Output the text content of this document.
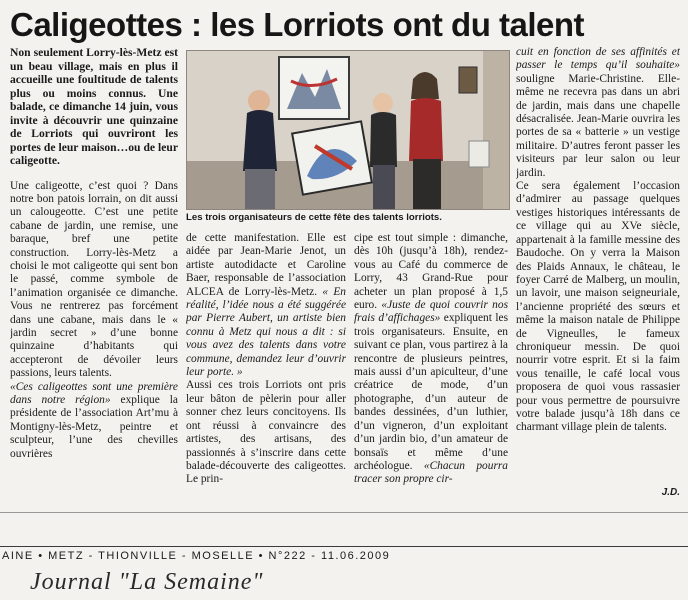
Caligeottes : les Lorriots ont du talent

Non seulement Lorry-lès-Metz est un beau village, mais en plus il accueille une foultitude de talents plus ou moins connus. Une balade, ce dimanche 14 juin, vous invite à découvrir une quinzaine de Lorriots qui ouvriront les portes de leur maison…ou de leur caligeotte.

Une caligeotte, c’est quoi ? Dans notre bon patois lorrain, on dit aussi un calougeotte. C’est une petite cabane de jardin, une remise, une baraque, bref une petite construction. Lorry-lès-Metz a choisi le mot caligeotte qui sent bon le passé, comme symbole de l’animation organisée ce dimanche. Vous ne rentrerez pas forcément dans une cabane, mais dans le « jardin secret » d’une bonne quinzaine d’habitants qui accepteront de dévoiler leurs passions, leurs talents.

«Ces caligeottes sont une première dans notre région» explique la présidente de l’association Art’mu à Montigny-lès-Metz, peintre et sculpteur, l’une des chevilles ouvrières

Les trois organisateurs de cette fête des talents lorriots.

de cette manifestation. Elle est aidée par Jean-Marie Jenot, un artiste autodidacte et Caroline Baer, responsable de l’association ALCEA de Lorry-lès-Metz. « En réalité, l’idée nous a été suggérée par Pierre Aubert, un artiste bien connu à Metz qui nous a dit : si vous avez des talents dans votre commune, demandez leur d’ouvrir leur porte. »

Aussi ces trois Lorriots ont pris leur bâton de pèlerin pour aller sonner chez leurs concitoyens. Ils ont réussi à convaincre des artistes, des artisans, des passionnés à s’inscrire dans cette balade-découverte des caligeottes. Le prin-

cipe est tout simple : dimanche, dès 10h (jusqu’à 18h), rendez-vous au Café du commerce de Lorry, 43 Grand-Rue pour acheter un plan proposé à 1,5 euro. «Juste de quoi couvrir nos frais d’affichages» expliquent les trois organisateurs. Ensuite, en suivant ce plan, vous partirez à la rencontre de plusieurs peintres, mais aussi d’un apiculteur, d’une créatrice de mode, d’un photographe, d’un auteur de bandes dessinées, d’un luthier, d’un vigneron, d’un exploitant d’un jardin bio, d’un amateur de bonsaïs et même d’une archéologue. «Chacun pourra tracer son propre cir-

cuit en fonction de ses affinités et passer le temps qu’il souhaite» souligne Marie-Christine. Elle-même ne recevra pas dans un abri de jardin, mais dans une chapelle désacralisée. Jean-Marie ouvrira les portes de sa « batterie » un vestige militaire. D’autres feront passer les visiteurs par leur salon ou leur jardin.

Ce sera également l’occasion d’admirer au passage quelques vestiges historiques intéressants de ce village qui au XVe siècle, appartenait à la famille messine des Baudoche. On y verra la Maison des Plaids Annaux, le château, le foyer Carré de Malberg, un moulin, un lavoir, une maison seigneuriale, l’ancienne propriété des sœurs et même la maison natale de Philippe de Vigneulles, le fameux chroniqueur messin. De quoi nourrir votre esprit. Et si la faim vous tenaille, le café local vous proposera de quoi vous rassasier pour vous permettre de poursuivre votre balade jusqu’à 18h dans ce charmant village plein de talents.

J.D.
AINE • METZ - THIONVILLE - MOSELLE • N°222 - 11.06.2009
Journal "La Semaine"
